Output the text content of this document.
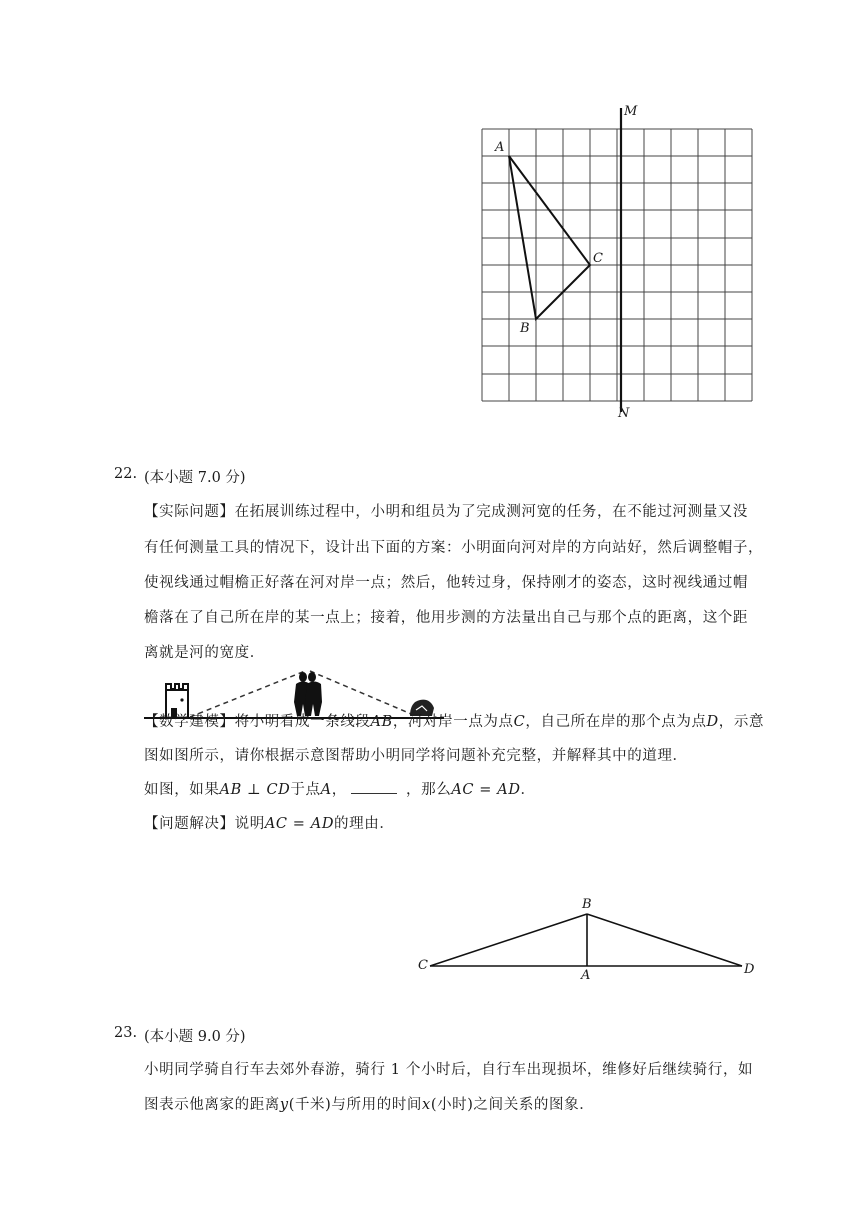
M
N
A
C
B
22. (本小题 7.0 分)
【实际问题】在拓展训练过程中，小明和组员为了完成测河宽的任务，在不能过河测量又没
有任何测量工具的情况下，设计出下面的方案：小明面向河对岸的方向站好，然后调整帽子，
使视线通过帽檐正好落在河对岸一点；然后，他转过身，保持刚才的姿态，这时视线通过帽
檐落在了自己所在岸的某一点上；接着，他用步测的方法量出自己与那个点的距离，这个距
离就是河的宽度．
【数学建模】将小明看成一条线段AB，河对岸一点为点C，自己所在岸的那个点为点D，示意
图如图所示，请你根据示意图帮助小明同学将问题补充完整，并解释其中的道理．
如图，如果AB ⊥ CD于点A，	，那么AC = AD．
【问题解决】说明AC = AD的理由．
B
C
A	D
23. (本小题 9.0 分)
小明同学骑自行车去郊外春游，骑行 1 个小时后，自行车出现损坏，维修好后继续骑行，如
图表示他离家的距离y(千米)与所用的时间x(小时)之间关系的图象．
